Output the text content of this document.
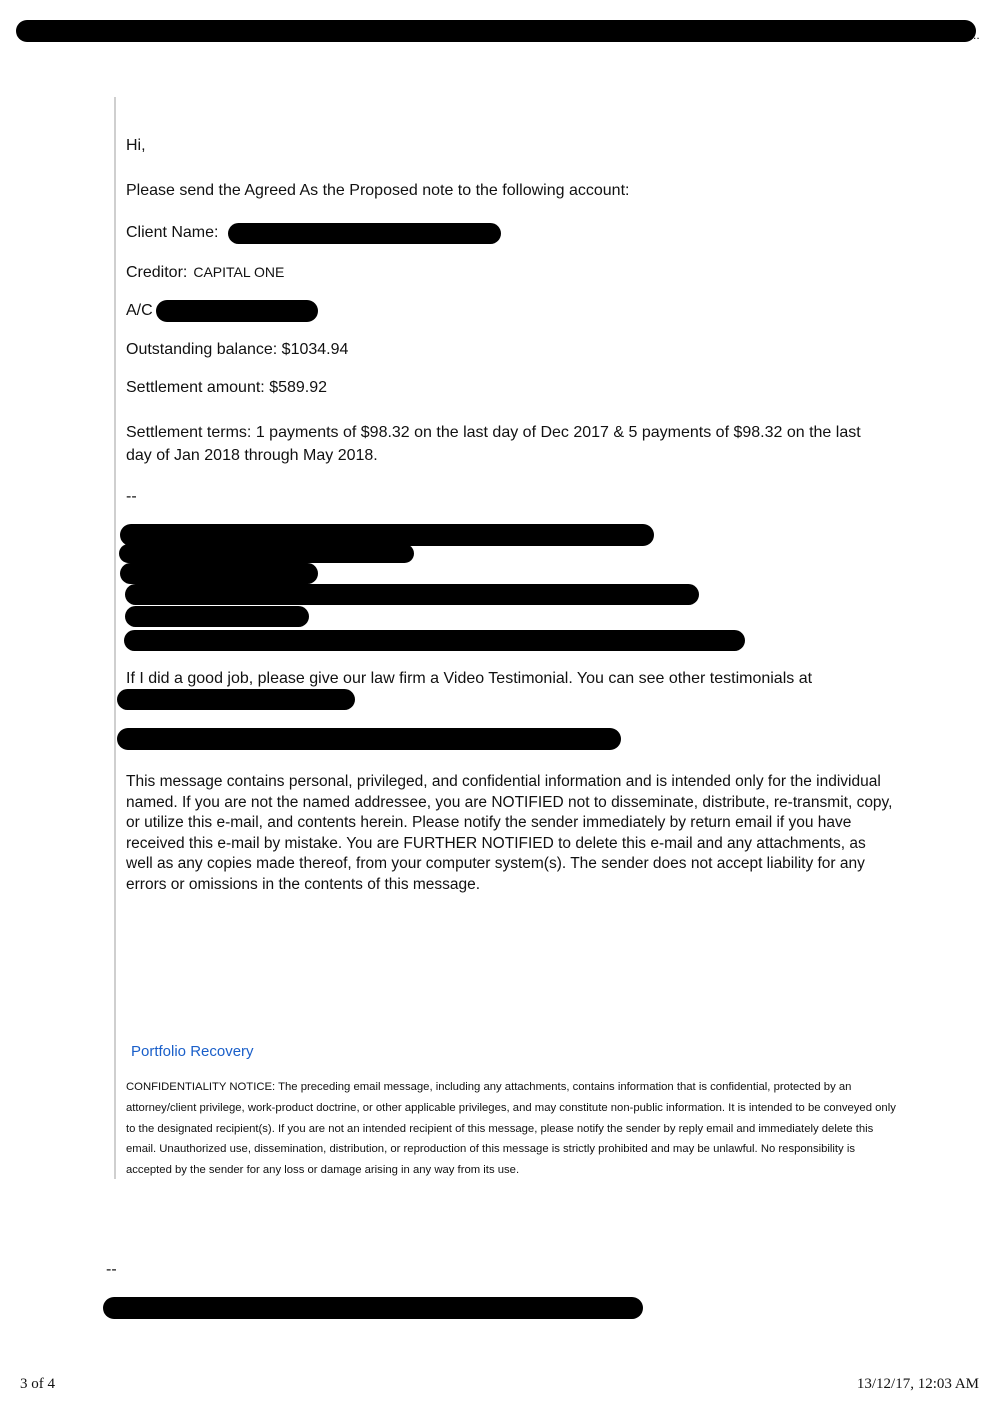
..
Hi,
Please send the Agreed As the Proposed note to the following account:
Client Name:
Creditor: CAPITAL ONE
A/C
Outstanding balance: $1034.94
Settlement amount: $589.92
Settlement terms: 1 payments of $98.32 on the last day of Dec 2017 & 5 payments of $98.32 on the last day of Jan 2018 through May 2018.
--
If I did a good job, please give our law firm a Video Testimonial. You can see other testimonials at
This message contains personal, privileged, and confidential information and is intended only for the individual named. If you are not the named addressee, you are NOTIFIED not to disseminate, distribute, re-transmit, copy, or utilize this e-mail, and contents herein. Please notify the sender immediately by return email if you have received this e-mail by mistake. You are FURTHER NOTIFIED to delete this e-mail and any attachments, as well as any copies made thereof, from your computer system(s). The sender does not accept liability for any errors or omissions in the contents of this message.
Portfolio Recovery
CONFIDENTIALITY NOTICE: The preceding email message, including any attachments, contains information that is confidential, protected by an attorney/client privilege, work-product doctrine, or other applicable privileges, and may constitute non-public information. It is intended to be conveyed only to the designated recipient(s). If you are not an intended recipient of this message, please notify the sender by reply email and immediately delete this email. Unauthorized use, dissemination, distribution, or reproduction of this message is strictly prohibited and may be unlawful. No responsibility is accepted by the sender for any loss or damage arising in any way from its use.
--
3 of 4	13/12/17, 12:03 AM
